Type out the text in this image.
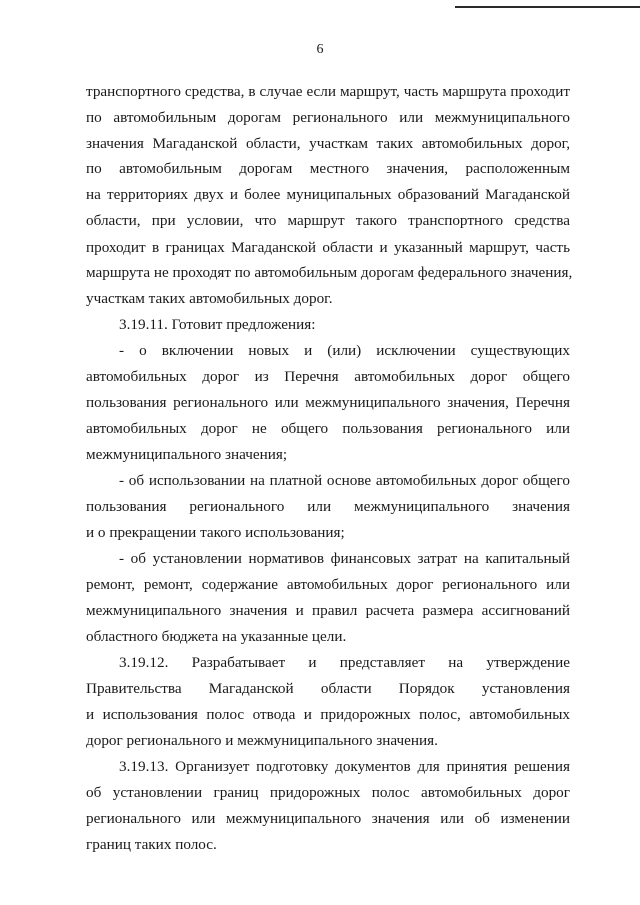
6
транспортного средства, в случае если маршрут, часть маршрута проходит
по автомобильным дорогам регионального или межмуниципального
значения Магаданской области, участкам таких автомобильных дорог,
по автомобильным дорогам местного значения, расположенным
на территориях двух и более муниципальных образований Магаданской
области, при условии, что маршрут такого транспортного средства
проходит в границах Магаданской области и указанный маршрут, часть
маршрута не проходят по автомобильным дорогам федерального значения,
участкам таких автомобильных дорог.
3.19.11. Готовит предложения:
- о включении новых и (или) исключении существующих
автомобильных дорог из Перечня автомобильных дорог общего
пользования регионального или межмуниципального значения, Перечня
автомобильных дорог не общего пользования регионального или
межмуниципального значения;
- об использовании на платной основе автомобильных дорог общего
пользования регионального или межмуниципального значения
и о прекращении такого использования;
- об установлении нормативов финансовых затрат на капитальный
ремонт, ремонт, содержание автомобильных дорог регионального или
межмуниципального значения и правил расчета размера ассигнований
областного бюджета на указанные цели.
3.19.12. Разрабатывает и представляет на утверждение
Правительства Магаданской области Порядок установления
и использования полос отвода и придорожных полос, автомобильных
дорог регионального и межмуниципального значения.
3.19.13. Организует подготовку документов для принятия решения
об установлении границ придорожных полос автомобильных дорог
регионального или межмуниципального значения или об изменении
границ таких полос.
